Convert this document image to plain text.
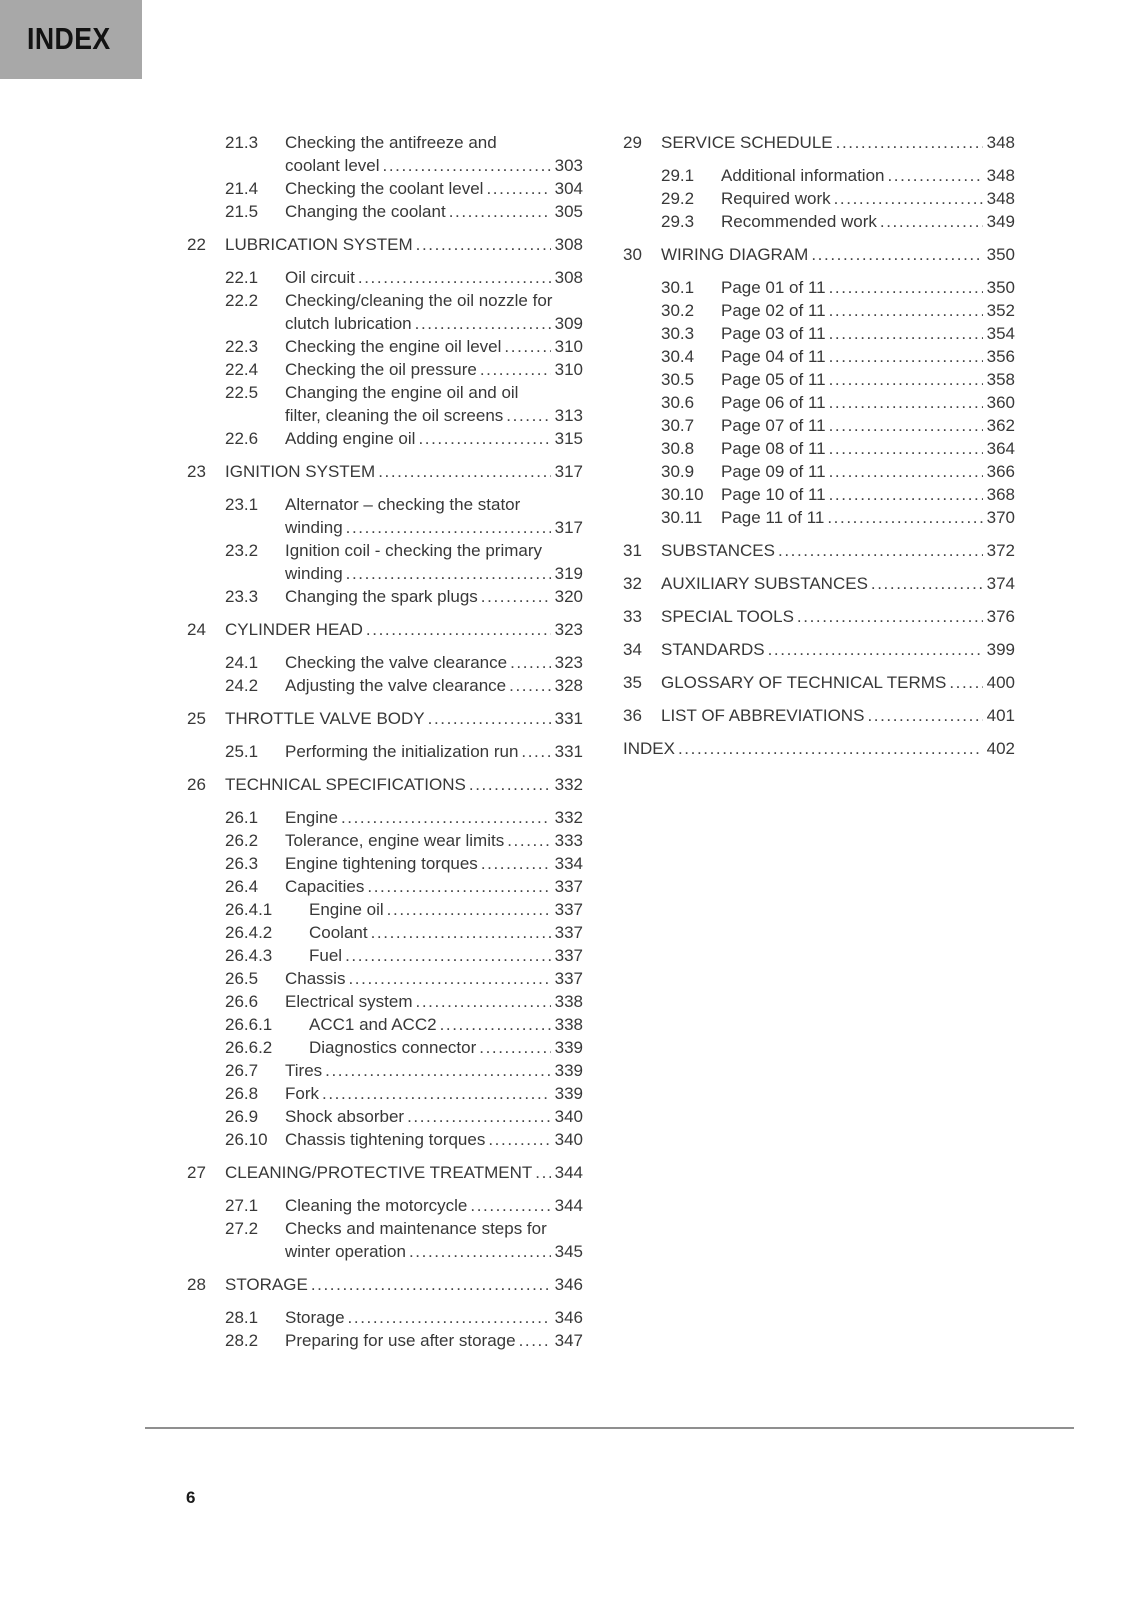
INDEX
21.3	Checking the antifreeze and
coolant level .....	303
21.4	Checking the coolant level .....	304
21.5	Changing the coolant .....	305
22	LUBRICATION SYSTEM .....	308
22.1	Oil circuit .....	308
22.2	Checking/cleaning the oil nozzle for
clutch lubrication .....	309
22.3	Checking the engine oil level .....	310
22.4	Checking the oil pressure .....	310
22.5	Changing the engine oil and oil
filter, cleaning the oil screens .....	313
22.6	Adding engine oil .....	315
23	IGNITION SYSTEM .....	317
23.1	Alternator – checking the stator
winding .....	317
23.2	Ignition coil - checking the primary
winding .....	319
23.3	Changing the spark plugs .....	320
24	CYLINDER HEAD .....	323
24.1	Checking the valve clearance .....	323
24.2	Adjusting the valve clearance .....	328
25	THROTTLE VALVE BODY .....	331
25.1	Performing the initialization run ..... 331
26	TECHNICAL SPECIFICATIONS .....	332
26.1	Engine .....	332
26.2	Tolerance, engine wear limits .....	333
26.3	Engine tightening torques .....	334
26.4	Capacities .....	337
26.4.1	Engine oil .....	337
26.4.2	Coolant .....	337
26.4.3	Fuel .....	337
26.5	Chassis .....	337
26.6	Electrical system .....	338
26.6.1	ACC1 and ACC2 .....	338
26.6.2	Diagnostics connector .....	339
26.7	Tires .....	339
26.8	Fork .....	339
26.9	Shock absorber .....	340
26.10	Chassis tightening torques .....	340
27	CLEANING/PROTECTIVE TREATMENT ..... 344
27.1	Cleaning the motorcycle .....	344
27.2	Checks and maintenance steps for
winter operation .....	345
28	STORAGE .....	346
28.1	Storage .....	346
28.2	Preparing for use after storage ..... 347
29	SERVICE SCHEDULE .....	348
29.1	Additional information .....	348
29.2	Required work .....	348
29.3	Recommended work .....	349
30	WIRING DIAGRAM .....	350
30.1	Page 01 of 11 .....	350
30.2	Page 02 of 11 .....	352
30.3	Page 03 of 11 .....	354
30.4	Page 04 of 11 .....	356
30.5	Page 05 of 11 .....	358
30.6	Page 06 of 11 .....	360
30.7	Page 07 of 11 .....	362
30.8	Page 08 of 11 .....	364
30.9	Page 09 of 11 .....	366
30.10	Page 10 of 11 .....	368
30.11	Page 11 of 11 .....	370
31	SUBSTANCES .....	372
32	AUXILIARY SUBSTANCES .....	374
33	SPECIAL TOOLS .....	376
34	STANDARDS .....	399
35	GLOSSARY OF TECHNICAL TERMS ..... 400
36	LIST OF ABBREVIATIONS .....	401
INDEX .....	402
6
